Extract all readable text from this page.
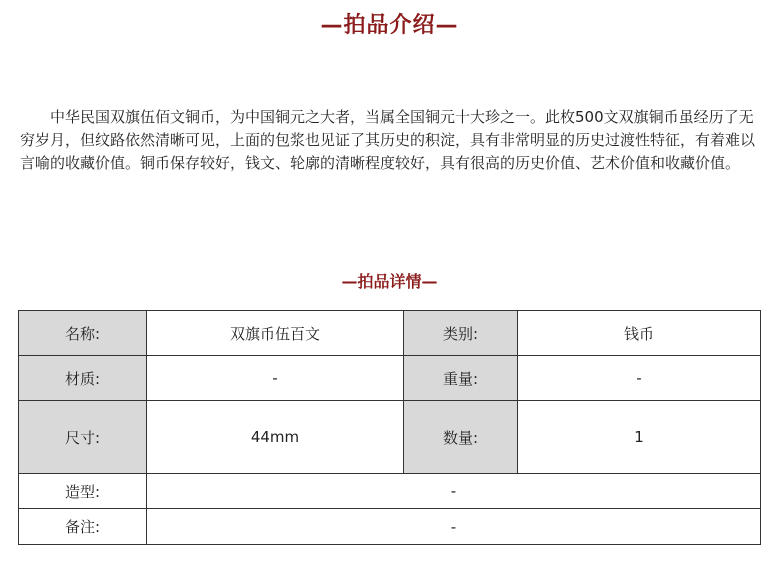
—拍品介绍—

中华民国双旗伍佰文铜币，为中国铜元之大者，当属全国铜元十大珍之一。此枚500文双旗铜币虽经历了无穷岁月，但纹路依然清晰可见，上面的包浆也见证了其历史的积淀，具有非常明显的历史过渡性特征，有着难以言喻的收藏价值。铜币保存较好，钱文、轮廓的清晰程度较好，具有很高的历史价值、艺术价值和收藏价值。

—拍品详情—
名称:	双旗币伍百文	类别:	钱币
材质:	-	重量:	-
尺寸:	44mm	数量:	1
造型:	-		
备注:	-		
